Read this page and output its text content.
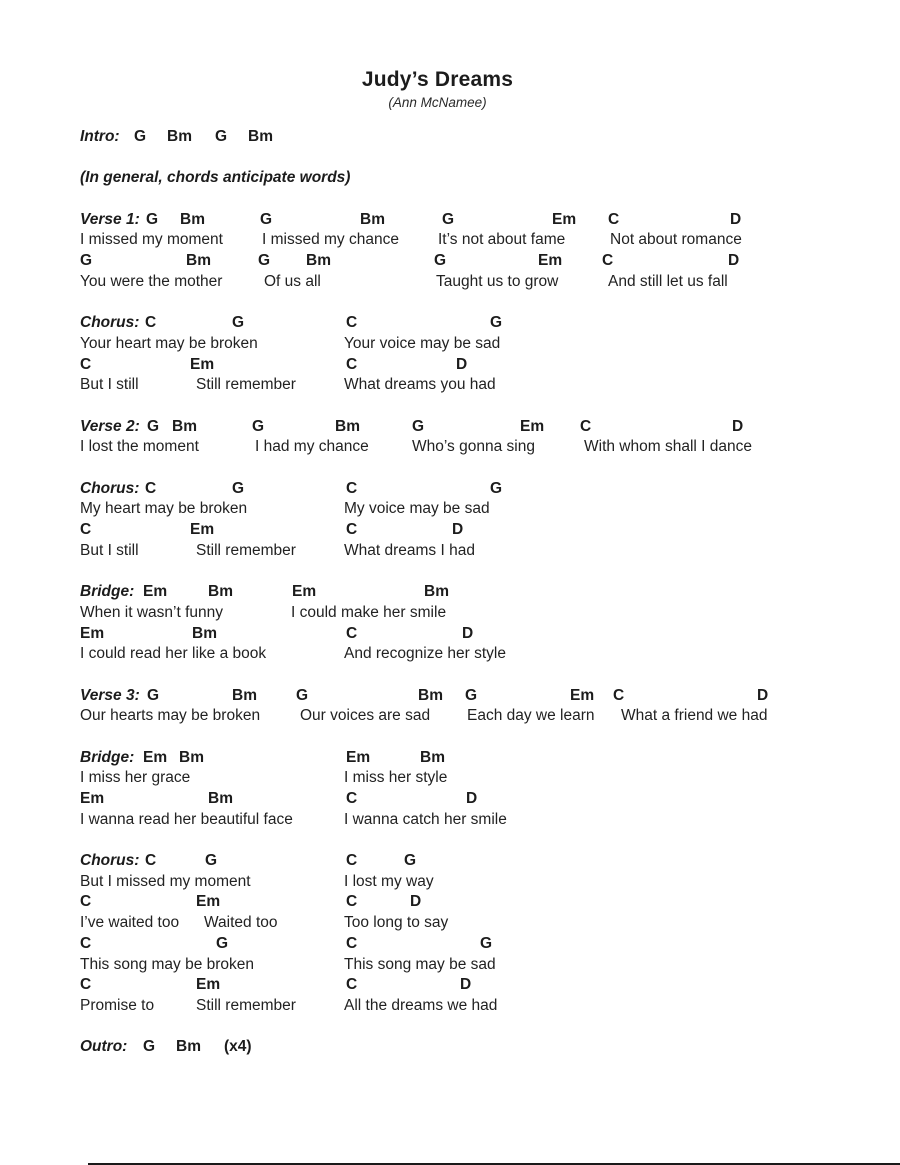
Judy’s Dreams
(Ann McNamee)
Intro: G Bm G Bm
(In general, chords anticipate words)
Verse 1: G Bm	G	Bm	G	Em C	D
I missed my moment	I missed my chance	It’s not about fame	Not about romance
G	Bm	G Bm	G	Em	C	D
You were the mother	Of us all	Taught us to grow	And still let us fall
Chorus: C	G	C	G
Your heart may be broken	Your voice may be sad
C	Em	C	D
But I still	Still remember	What dreams you had
Verse 2: G Bm	G	Bm	G	Em C	D
I lost the moment	I had my chance	Who’s gonna sing	With whom shall I dance
Chorus: C	G	C	G
My heart may be broken	My voice may be sad
C	Em	C	D
But I still	Still remember	What dreams I had
Bridge: Em	Bm	Em	Bm
When it wasn’t funny	I could make her smile
Em	Bm	C	D
I could read her like a book	And recognize her style
Verse 3: G	Bm	G	Bm G	Em C	D
Our hearts may be broken	Our voices are sad Each day we learn What a friend we had
Bridge: Em Bm	Em	Bm
I miss her grace	I miss her style
Em	Bm	C	D
I wanna read her beautiful face	I wanna catch her smile
Chorus: C	G	C	G
But I missed my moment	I lost my way
C	Em	C	D
I’ve waited too Waited too	Too long to say
C	G	C	G
This song may be broken	This song may be sad
C	Em	C	D
Promise to	Still remember	All the dreams we had
Outro: G Bm (x4)
